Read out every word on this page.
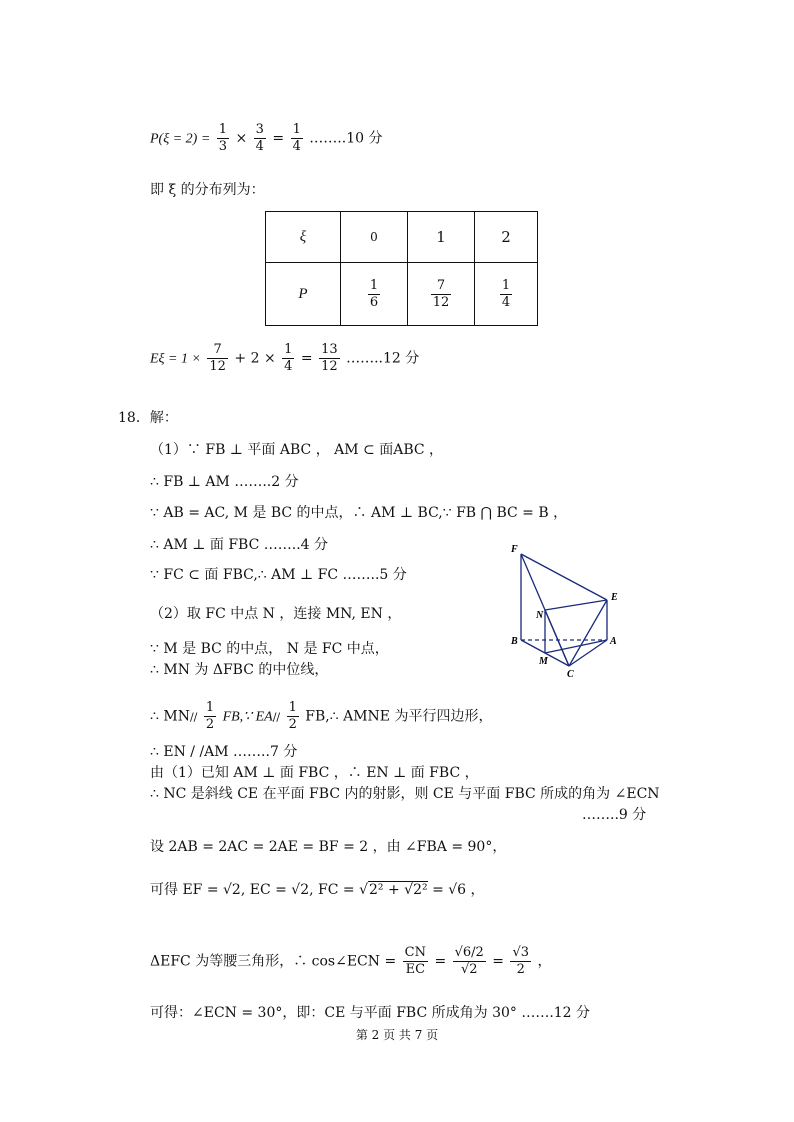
$P(\xi = 2) = \frac{1}{3} \times \frac{3}{4} = \frac{1}{4}$ ……..10 分
即 ξ 的分布列为：
ξ	0	1	2
P	$\frac{1}{6}$	$\frac{7}{12}$	$\frac{1}{4}$
$E\xi = 1 \times \frac{7}{12} + 2 \times \frac{1}{4} = \frac{13}{12}$ ……..12 分
18．解：
（1）∵ FB ⊥ 平面 ABC ， AM ⊂ 面ABC ，
∴ FB ⊥ AM ……..2 分
∵ AB = AC, M 是 BC 的中点，∴ AM ⊥ BC,∵ FB ⋂ BC = B ，
∴ AM ⊥ 面 FBC ……..4 分
∵ FC ⊂ 面 FBC,∴ AM ⊥ FC ……..5 分
（2）取 FC 中点 N ，连接 MN, EN ，
∵ M 是 BC 的中点， N 是 FC 中点，
∴ MN 为 ΔFBC 的中位线，
∴ $MN// \frac{1}{2}$ FB,∵ $EA// \frac{1}{2}$ FB,∴ AMNE 为平行四边形，
∴ EN / /AM ……..7 分
由（1）已知 AM ⊥ 面 FBC ，∴ EN ⊥ 面 FBC ，
∴ NC 是斜线 CE 在平面 FBC 内的射影，则 CE 与平面 FBC 所成的角为 ∠ECN
……..9 分
设 2AB = 2AC = 2AE = BF = 2 ，由 ∠FBA = 90°，
可得 EF = √2, EC = √2, FC = √2² + √2² = √6 ，
ΔEFC 为等腰三角形，∴ cos∠ECN = $\frac{CN}{EC} = \frac{√6/2}{√2} = \frac{√3}{2}$ ，
可得：∠ECN = 30°，即：CE 与平面 FBC 所成角为 30° …….12 分
F
E
N
B	A
M
C
第 2 页 共 7 页
